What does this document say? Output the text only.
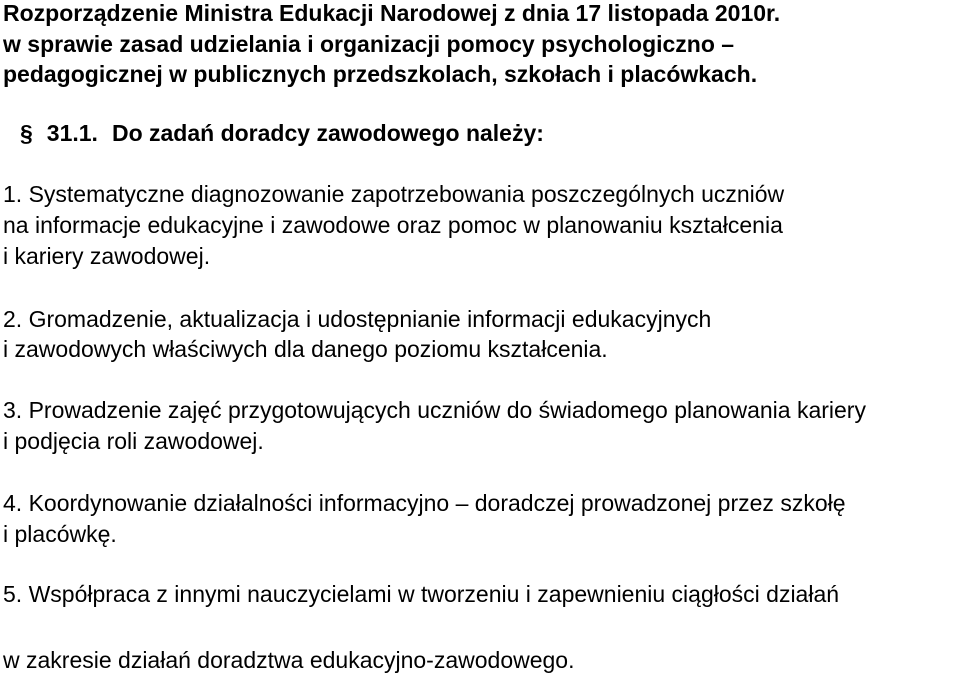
Rozporządzenie Ministra Edukacji Narodowej z dnia 17 listopada 2010r.
w sprawie zasad udzielania i organizacji pomocy psychologiczno –
pedagogicznej w publicznych przedszkolach, szkołach i placówkach.
§ 31.1. Do zadań doradcy zawodowego należy:
1. Systematyczne diagnozowanie zapotrzebowania poszczególnych uczniów
na informacje edukacyjne i zawodowe oraz pomoc w planowaniu kształcenia
i kariery zawodowej.
2. Gromadzenie, aktualizacja i udostępnianie informacji edukacyjnych
i zawodowych właściwych dla danego poziomu kształcenia.
3. Prowadzenie zajęć przygotowujących uczniów do świadomego planowania kariery
i podjęcia roli zawodowej.
4. Koordynowanie działalności informacyjno – doradczej prowadzonej przez szkołę
i placówkę.
5. Współpraca z innymi nauczycielami w tworzeniu i zapewnieniu ciągłości działań
w zakresie działań doradztwa edukacyjno-zawodowego.
